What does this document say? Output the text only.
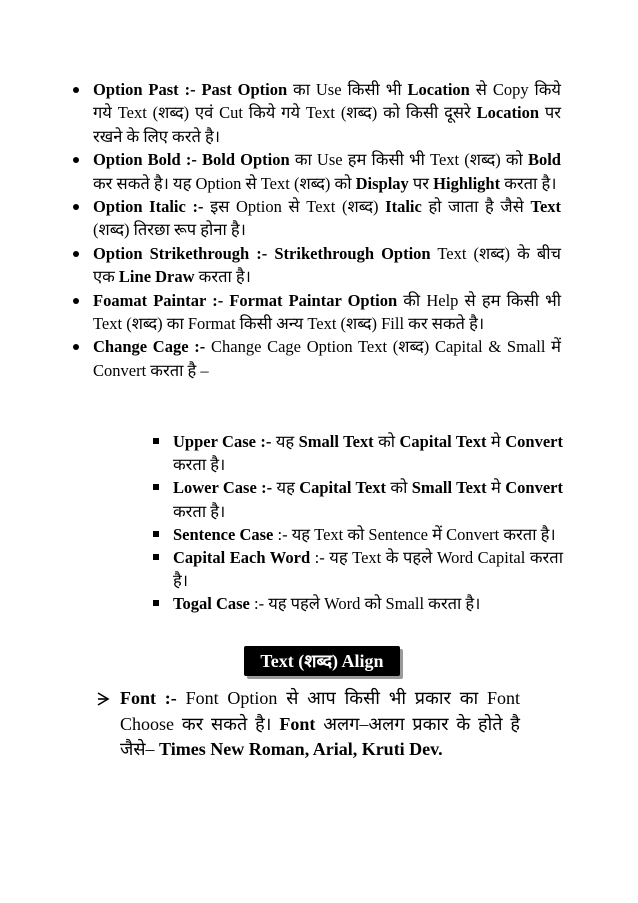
Option Past :- Past Option का Use किसी भी Location से Copy किये गये Text (शब्द) एवं Cut किये गये Text (शब्द) को किसी दूसरे Location पर रखने के लिए करते है।
Option Bold :- Bold Option का Use हम किसी भी Text (शब्द) को Bold कर सकते है। यह Option से Text (शब्द) को Display पर Highlight करता है।
Option Italic :- इस Option से Text (शब्द) Italic हो जाता है जैसे Text (शब्द) तिरछा रूप होना है।
Option Strikethrough :- Strikethrough Option Text (शब्द) के बीच एक Line Draw करता है।
Foamat Paintar :- Format Paintar Option की Help से हम किसी भी Text (शब्द) का Format किसी अन्य Text (शब्द) Fill कर सकते है।
Change Cage :- Change Cage Option Text (शब्द) Capital & Small में Convert करता है –
Upper Case :- यह Small Text को Capital Text मे Convert करता है।
Lower Case :- यह Capital Text को Small Text मे Convert करता है।
Sentence Case :- यह Text को Sentence में Convert करता है।
Capital Each Word :- यह Text के पहले Word Capital करता है।
Togal Case :- यह पहले Word को Small करता है।
Text (शब्द) Align
Font :- Font Option से आप किसी भी प्रकार का Font Choose कर सकते है। Font अलग–अलग प्रकार के होते है जैसे– Times New Roman, Arial, Kruti Dev.
